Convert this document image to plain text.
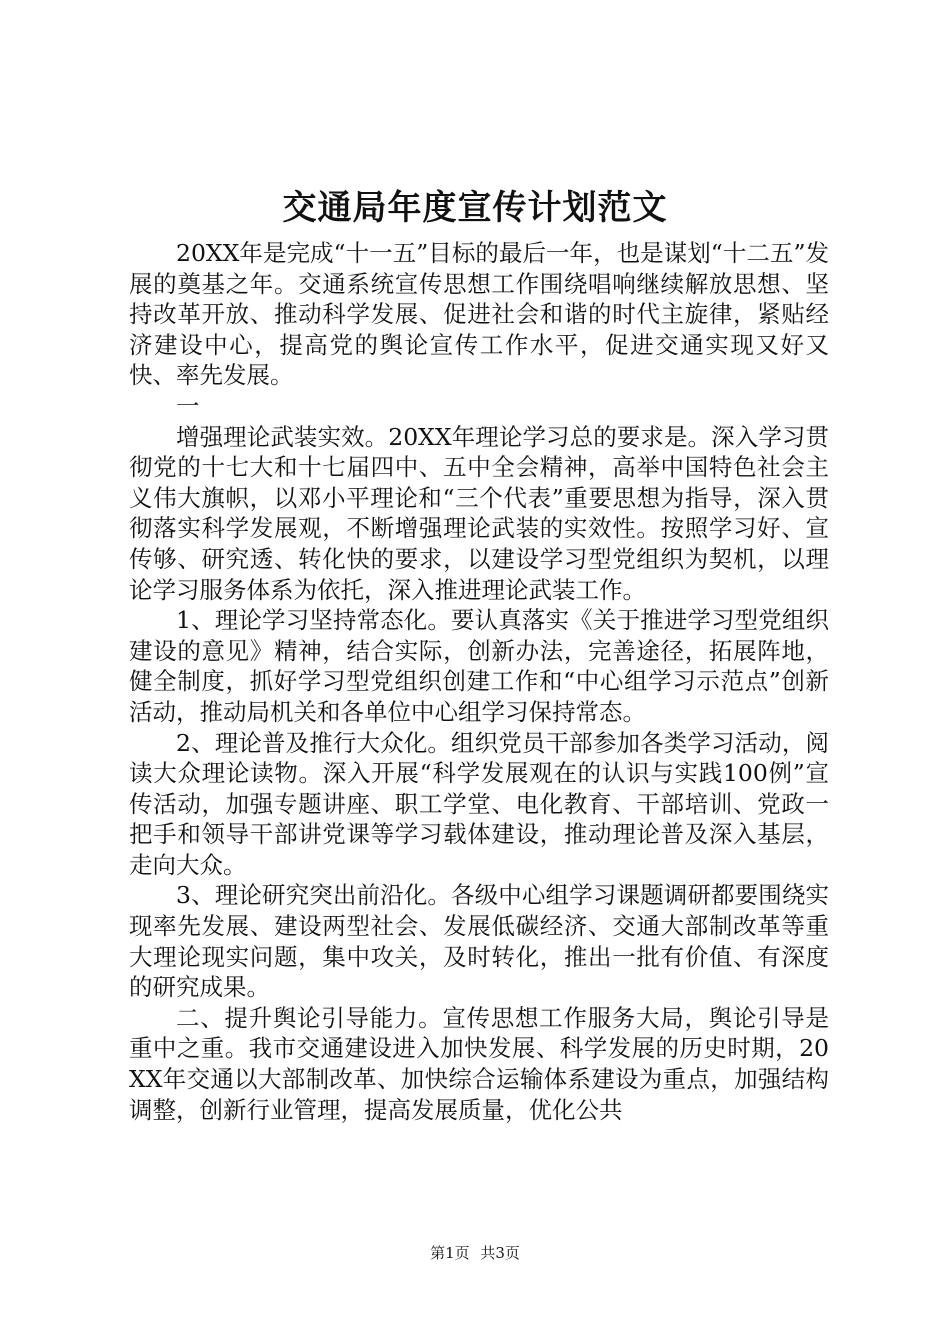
交通局年度宣传计划范文

20XX年是完成“十一五”目标的最后一年，也是谋划“十二五”发展的奠基之年。交通系统宣传思想工作围绕唱响继续解放思想、坚持改革开放、推动科学发展、促进社会和谐的时代主旋律，紧贴经济建设中心，提高党的舆论宣传工作水平，促进交通实现又好又快、率先发展。

一

增强理论武装实效。20XX年理论学习总的要求是。深入学习贯彻党的十七大和十七届四中、五中全会精神，高举中国特色社会主义伟大旗帜，以邓小平理论和“三个代表”重要思想为指导，深入贯彻落实科学发展观，不断增强理论武装的实效性。按照学习好、宣传够、研究透、转化快的要求，以建设学习型党组织为契机，以理论学习服务体系为依托，深入推进理论武装工作。

1、理论学习坚持常态化。要认真落实《关于推进学习型党组织建设的意见》精神，结合实际，创新办法，完善途径，拓展阵地，健全制度，抓好学习型党组织创建工作和“中心组学习示范点”创新活动，推动局机关和各单位中心组学习保持常态。

2、理论普及推行大众化。组织党员干部参加各类学习活动，阅读大众理论读物。深入开展“科学发展观在的认识与实践100例”宣传活动，加强专题讲座、职工学堂、电化教育、干部培训、党政一把手和领导干部讲党课等学习载体建设，推动理论普及深入基层，走向大众。

3、理论研究突出前沿化。各级中心组学习课题调研都要围绕实现率先发展、建设两型社会、发展低碳经济、交通大部制改革等重大理论现实问题，集中攻关，及时转化，推出一批有价值、有深度的研究成果。

二、提升舆论引导能力。宣传思想工作服务大局，舆论引导是重中之重。我市交通建设进入加快发展、科学发展的历史时期，20XX年交通以大部制改革、加快综合运输体系建设为重点，加强结构调整，创新行业管理，提高发展质量，优化公共

第1页 共3页
